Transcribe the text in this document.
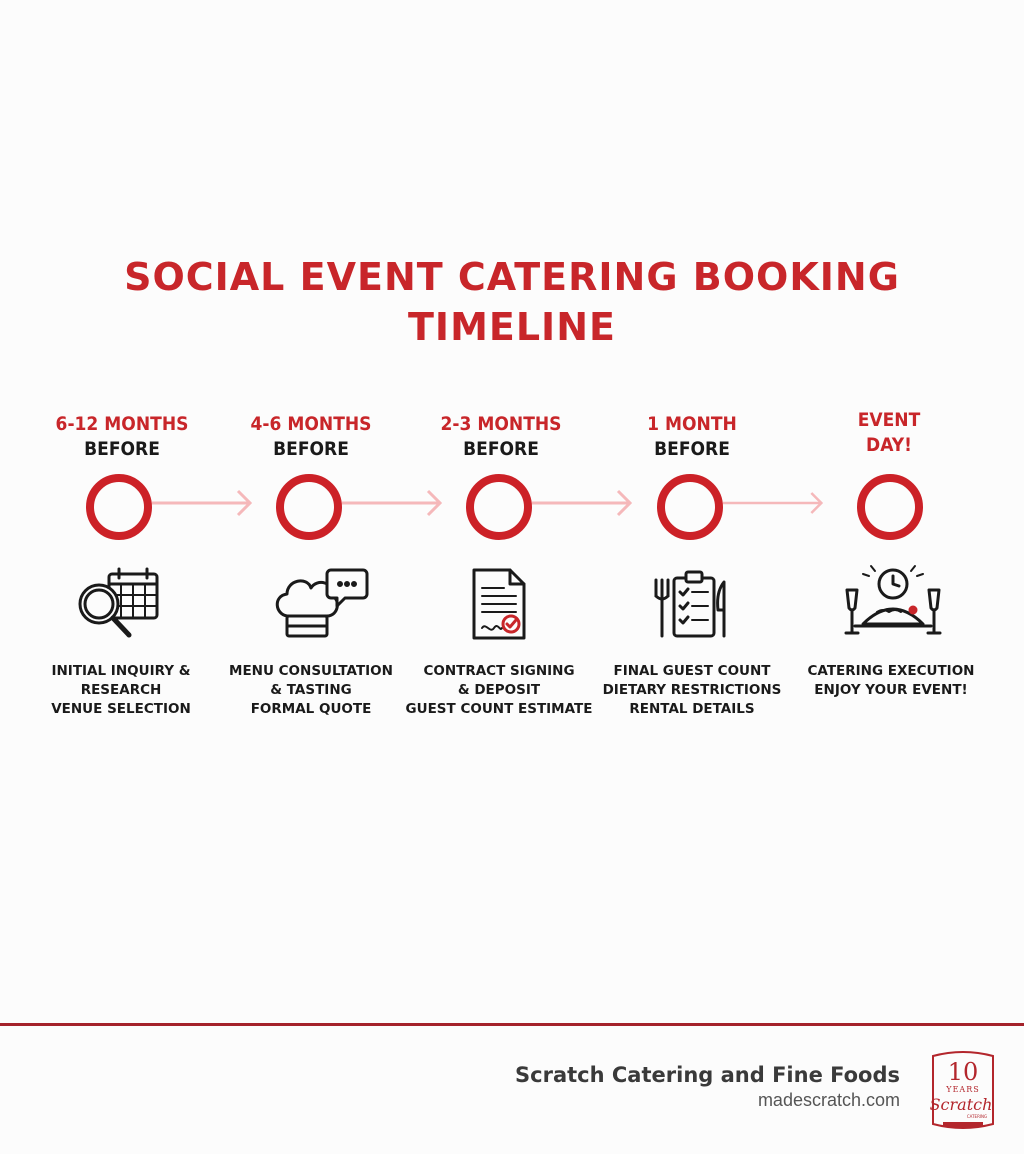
SOCIAL EVENT CATERING BOOKING
TIMELINE
6-12 MONTHS
BEFORE
4-6 MONTHS
BEFORE
2-3 MONTHS
BEFORE
1 MONTH
BEFORE
EVENT
DAY!
INITIAL INQUIRY &
RESEARCH
VENUE SELECTION
MENU CONSULTATION
& TASTING
FORMAL QUOTE
CONTRACT SIGNING
& DEPOSIT
GUEST COUNT ESTIMATE
FINAL GUEST COUNT
DIETARY RESTRICTIONS
RENTAL DETAILS
CATERING EXECUTION
ENJOY YOUR EVENT!
Scratch Catering and Fine Foods
madescratch.com
10
YEARS
Scratch
CATERING
